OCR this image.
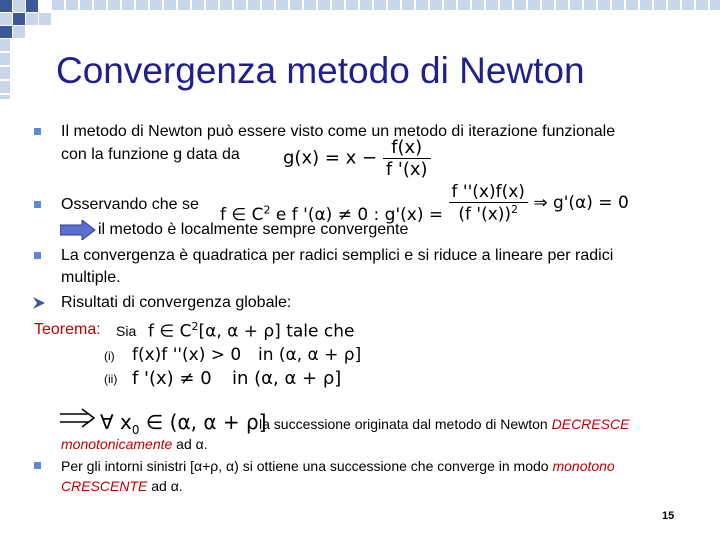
Convergenza metodo di Newton
Il metodo di Newton può essere visto come un metodo di iterazione funzionale
con la funzione g data da $g(x) = x - \frac{f(x)}{f '(x)}$
Osservando che se
f ∈ $C^2$ e f '(α) ≠ 0 : $g'(x) = \frac{f ''(x)f(x)}{(f '(x))^2}$ ⇒ g'(α) = 0
il metodo è localmente sempre convergente
La convergenza è quadratica per radici semplici e si riduce a lineare per radici
multiple.
Risultati di convergenza globale:
Teorema: Sia f ∈ $C^2[\alpha$, α + ρ] tale che
(i) f(x)f ''(x) > 0 in (α, α + ρ]
(ii) f '(x) ≠ 0 in (α, α + ρ]
∀ $x_0$ ∈ (α, α + ρ]
la successione originata dal metodo di Newton DECRESCE
monotonicamente ad α.
Per gli intorni sinistri [α+ρ, α) si ottiene una successione che converge in modo monotono
CRESCENTE ad α.
15
